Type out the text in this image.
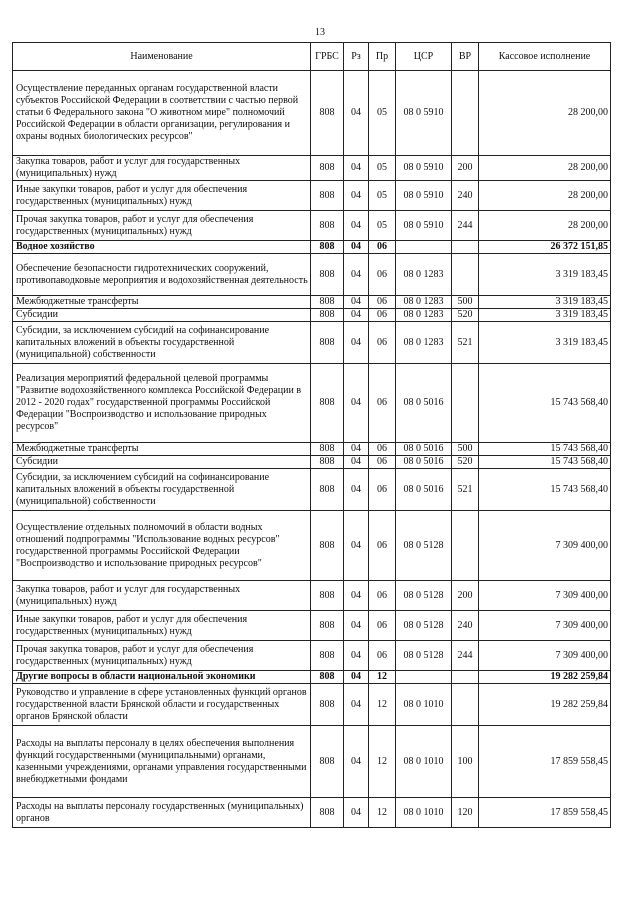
13
Наименование	ГРБС	Рз	Пр	ЦСР	ВР	Кассовое исполнение
Осуществление переданных органам государственной власти субъектов Российской Федерации в соответствии с частью первой статьи 6 Федерального закона "О животном мире" полномочий Российской Федерации в области организации, регулирования и охраны водных биологических ресурсов"	808	04	05	08 0 5910		28 200,00
Закупка товаров, работ и услуг для государственных (муниципальных) нужд	808	04	05	08 0 5910	200	28 200,00
Иные закупки товаров, работ и услуг для обеспечения государственных (муниципальных) нужд	808	04	05	08 0 5910	240	28 200,00
Прочая закупка товаров, работ и услуг для обеспечения государственных (муниципальных) нужд	808	04	05	08 0 5910	244	28 200,00
Водное хозяйство	808	04	06			26 372 151,85
Обеспечение безопасности гидротехнических сооружений, противопаводковые мероприятия и водохозяйственная деятельность	808	04	06	08 0 1283		3 319 183,45
Межбюджетные трансферты	808	04	06	08 0 1283	500	3 319 183,45
Субсидии	808	04	06	08 0 1283	520	3 319 183,45
Субсидии, за исключением субсидий на софинансирование капитальных вложений в объекты государственной (муниципальной) собственности	808	04	06	08 0 1283	521	3 319 183,45
Реализация мероприятий федеральной целевой программы "Развитие водохозяйственного комплекса Российской Федерации в 2012 - 2020 годах" государственной программы Российской Федерации "Воспроизводство и использование природных ресурсов"	808	04	06	08 0 5016		15 743 568,40
Межбюджетные трансферты	808	04	06	08 0 5016	500	15 743 568,40
Субсидии	808	04	06	08 0 5016	520	15 743 568,40
Субсидии, за исключением субсидий на софинансирование капитальных вложений в объекты государственной (муниципальной) собственности	808	04	06	08 0 5016	521	15 743 568,40
Осуществление отдельных полномочий в области водных отношений подпрограммы "Использование водных ресурсов" государственной программы Российской Федерации "Воспроизводство и использование природных ресурсов"	808	04	06	08 0 5128		7 309 400,00
Закупка товаров, работ и услуг для государственных (муниципальных) нужд	808	04	06	08 0 5128	200	7 309 400,00
Иные закупки товаров, работ и услуг для обеспечения государственных (муниципальных) нужд	808	04	06	08 0 5128	240	7 309 400,00
Прочая закупка товаров, работ и услуг для обеспечения государственных (муниципальных) нужд	808	04	06	08 0 5128	244	7 309 400,00
Другие вопросы в области национальной экономики	808	04	12			19 282 259,84
Руководство и управление в сфере установленных функций органов государственной власти Брянской области и государственных органов Брянской области	808	04	12	08 0 1010		19 282 259,84
Расходы на выплаты персоналу в целях обеспечения выполнения функций государственными (муниципальными) органами, казенными учреждениями, органами управления государственными внебюджетными фондами	808	04	12	08 0 1010	100	17 859 558,45
Расходы на выплаты персоналу государственных (муниципальных) органов	808	04	12	08 0 1010	120	17 859 558,45
